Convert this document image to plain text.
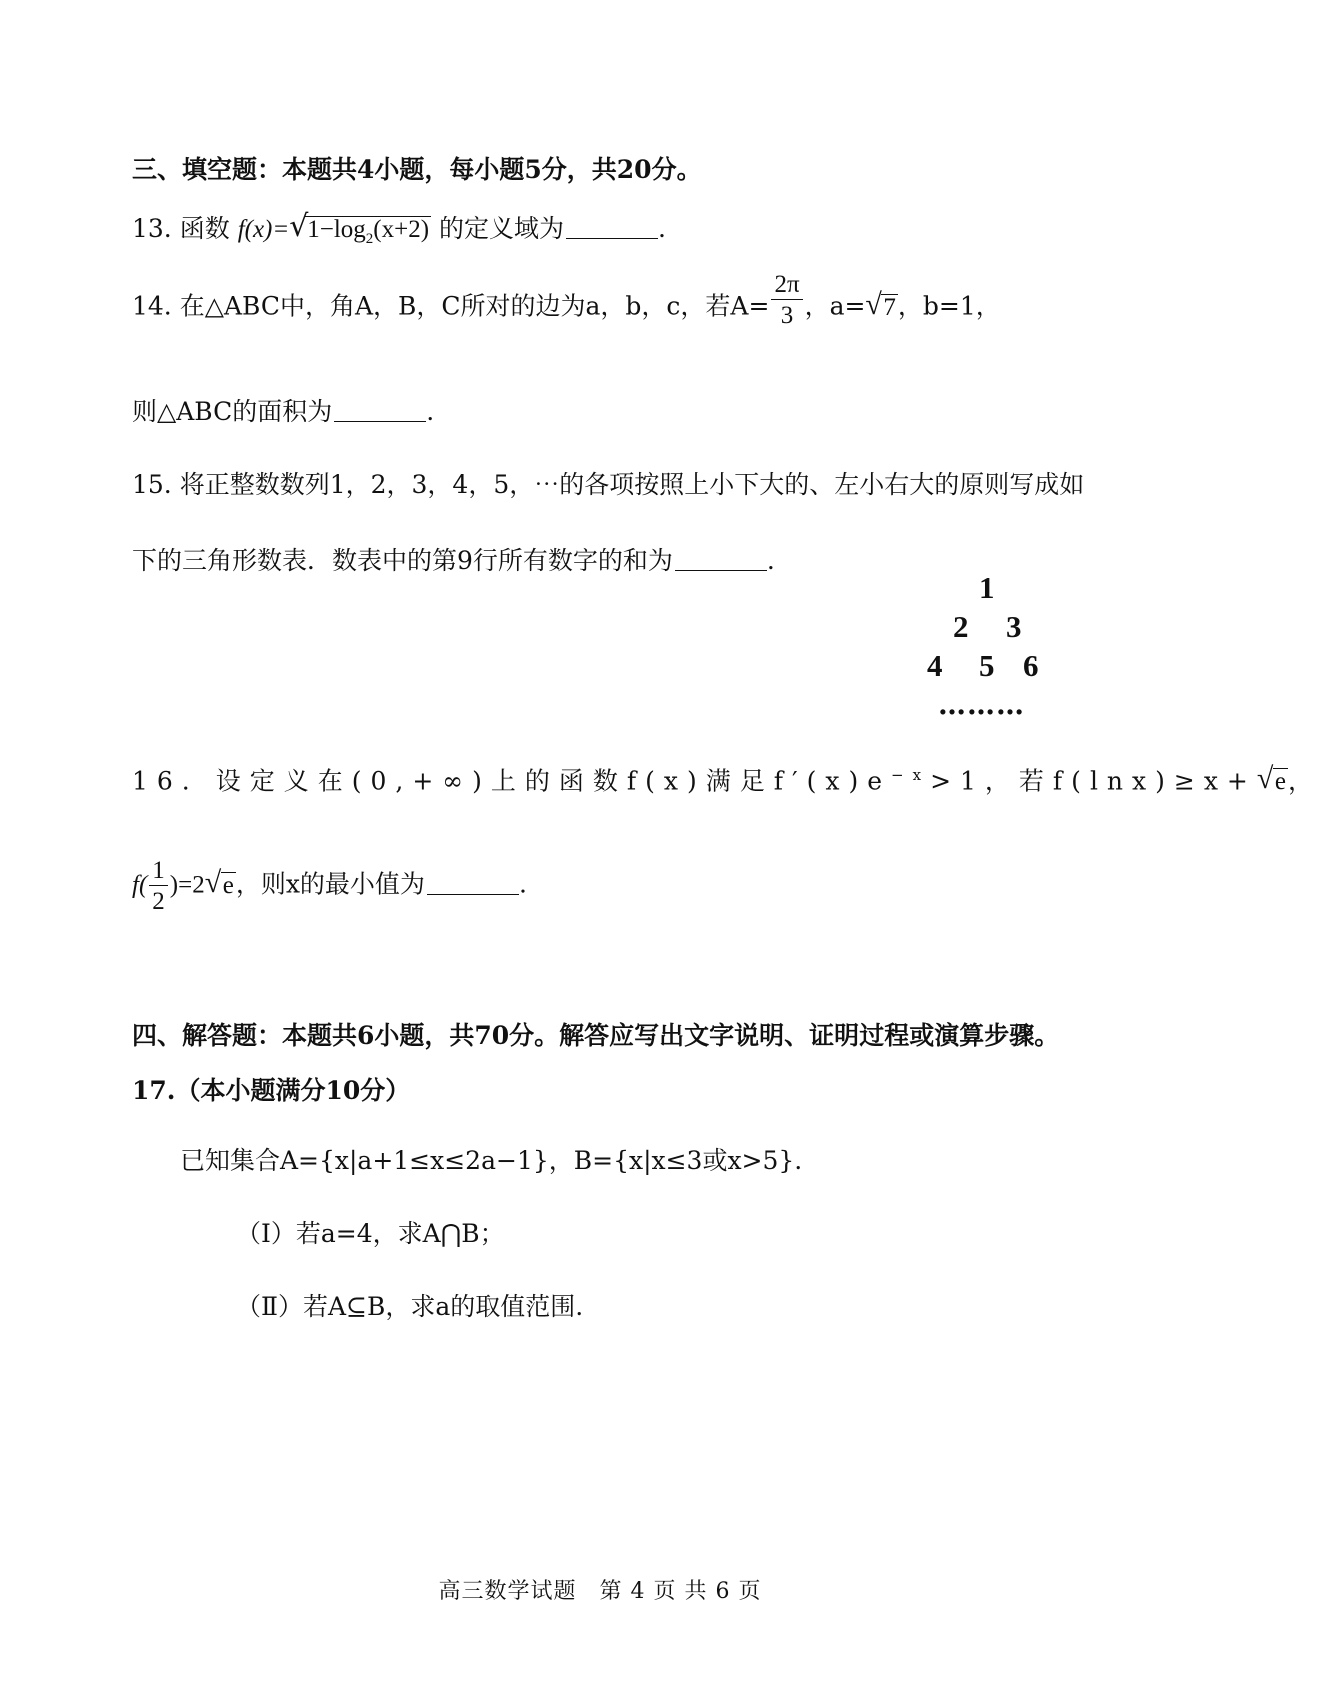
三、填空题：本题共4小题，每小题5分，共20分。
13. 函数 f(x)= √
$1-\log_2(x+2)$ 的定义域为	.
14. 在△ABC中，角A，B，C所对的边为a，b，c，若$A= \frac{2\pi}{3}$ ，a= √ 7，b=1，
则△ABC的面积为	.
15. 将正整数数列1，2，3，4，5，⋯的各项按照上小下大的、左小右大的原则写成如
下的三角形数表．数表中的第9行所有数字的和为	.
1
2 3
4 5 6
………
16. 设定义在(0,+∞)上的函数f(x)满足$f'(x)e^{-x}>1$，若f(lnx)≥x+ √ e，
$f( \frac{1}{2} )=2$ √ e，则x的最小值为	.
四、解答题：本题共6小题，共70分。解答应写出文字说明、证明过程或演算步骤。
17.（本小题满分10分）
已知集合A={x|a+1≤x≤2a−1}，B={x|x≤3或x>5}.
（Ⅰ）若a=4，求A⋂B；
（Ⅱ）若A⊆B，求a的取值范围.
高三数学试题　第 4 页 共 6 页
